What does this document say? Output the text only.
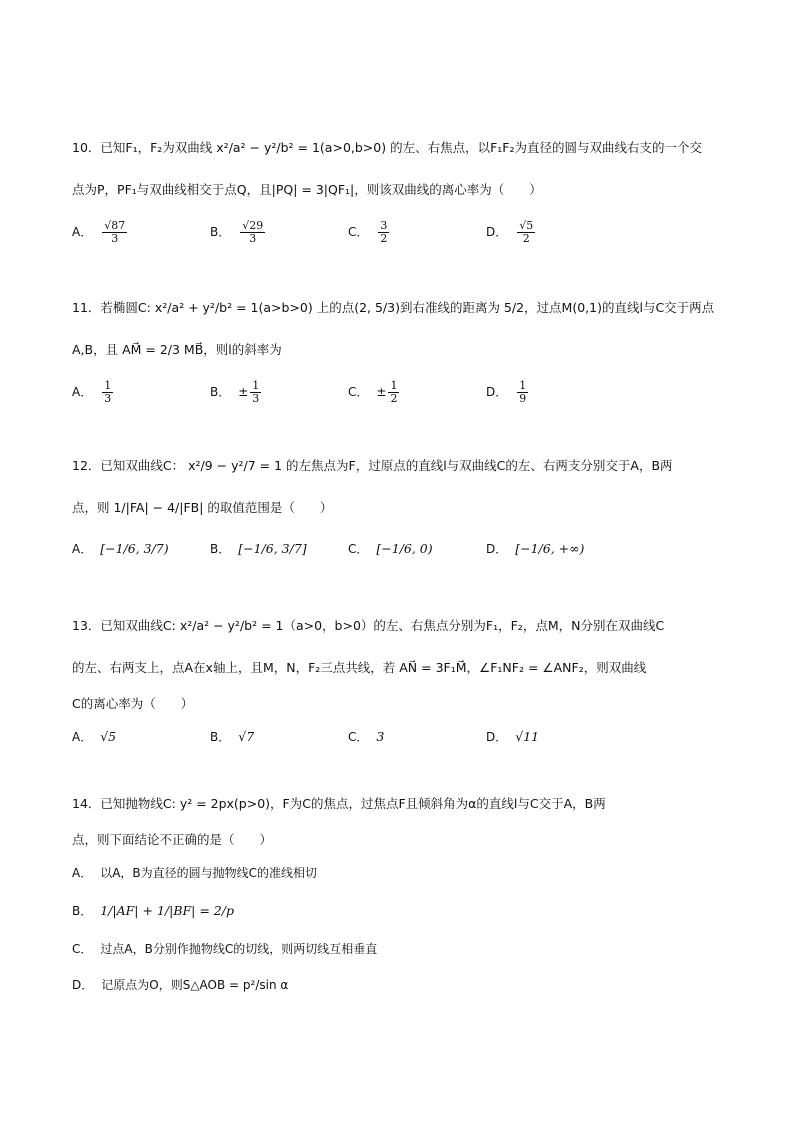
10．已知F₁，F₂为双曲线 x²/a² − y²/b² = 1(a>0,b>0) 的左、右焦点，以F₁F₂为直径的圆与双曲线右支的一个交
点为P，PF₁与双曲线相交于点Q，且|PQ| = 3|QF₁|，则该双曲线的离心率为（　　）
A． $\frac{√87}{3}$	B． $\frac{√29}{3}$	C． $\frac{3}{2}$	D． $\frac{√5}{2}$
11．若椭圆C: x²/a² + y²/b² = 1(a>b>0) 上的点(2, 5/3)到右准线的距离为 5/2，过点M(0,1)的直线l与C交于两点
A,B，且 AM⃗ = 2/3 MB⃗，则l的斜率为
A． $\frac{1}{3}$	B． ± $\frac{1}{3}$	C． ± $\frac{1}{2}$	D． $\frac{1}{9}$
12．已知双曲线C： x²/9 − y²/7 = 1 的左焦点为F，过原点的直线l与双曲线C的左、右两支分别交于A，B两
点，则 1/|FA| − 4/|FB| 的取值范围是（　　）
A． [−1/6, 3/7)	B． [−1/6, 3/7]	C． [−1/6, 0)	D． [−1/6, +∞)
13．已知双曲线C: x²/a² − y²/b² = 1（a>0，b>0）的左、右焦点分别为F₁，F₂，点M，N分别在双曲线C
的左、右两支上，点A在x轴上，且M，N，F₂三点共线，若 AN⃗ = 3F₁M⃗，∠F₁NF₂ = ∠ANF₂，则双曲线
C的离心率为（　　）
A． √5	B． √7	C． 3	D． √11
14．已知抛物线C: y² = 2px(p>0)，F为C的焦点，过焦点F且倾斜角为α的直线l与C交于A，B两
点，则下面结论不正确的是（　　）
A． 以A，B为直径的圆与抛物线C的准线相切
B． 1/|AF| + 1/|BF| = 2/p
C． 过点A，B分别作抛物线C的切线，则两切线互相垂直
D． 记原点为O，则S△AOB = p²/sin α
